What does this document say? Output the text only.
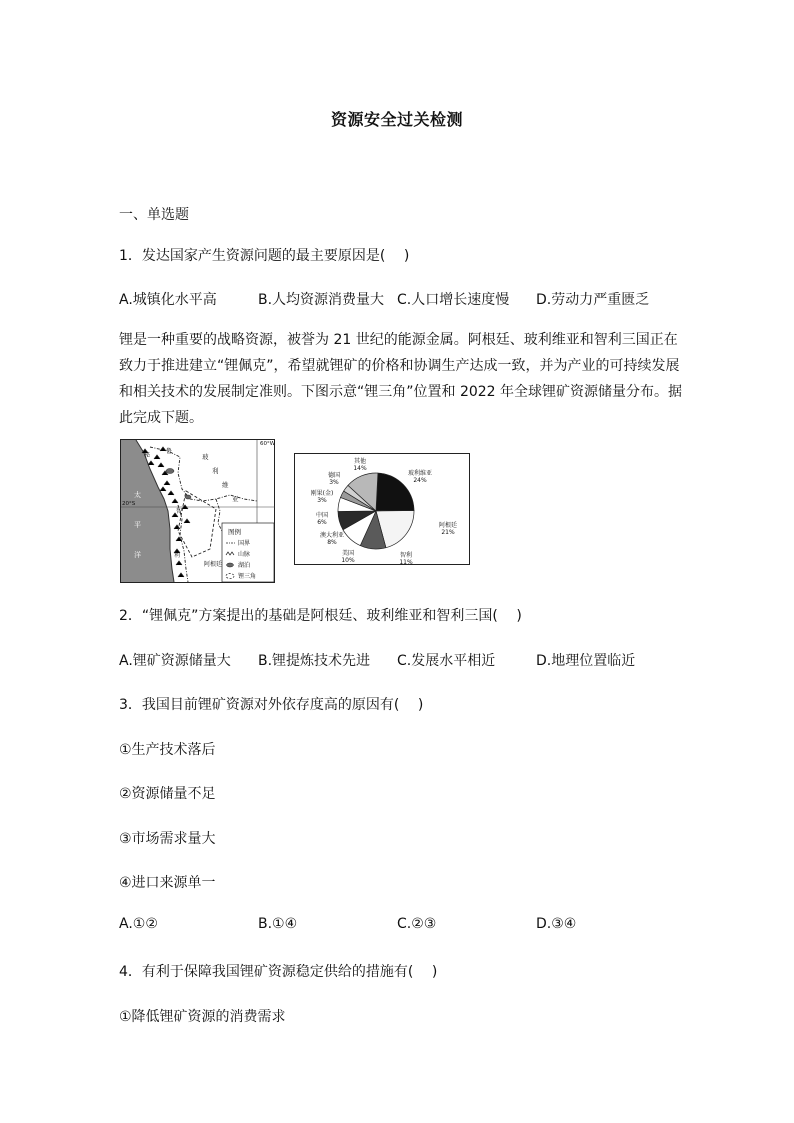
资源安全过关检测
一、单选题
1．发达国家产生资源问题的最主要原因是(　 )
A.城镇化水平高	B.人均资源消费量大 C.人口增长速度慢 D.劳动力严重匮乏
锂是一种重要的战略资源，被誉为 21 世纪的能源金属。阿根廷、玻利维亚和智利三国正在
致力于推进建立“锂佩克”，希望就锂矿的价格和协调生产达成一致，并为产业的可持续发展
和相关技术的发展制定准则。下图示意“锂三角”位置和 2022 年全球锂矿资源储量分布。据
此完成下题。
图例
国界
山脉
湖泊
锂三角
60°W
20°S
秘
鲁
玻
利
维
亚
太
平
洋
智
利
阿根廷
玻利维亚
24%
阿根廷
21%
智利
11%
美国
10%
澳大利亚
8%
中国
6%
刚果(金)
3%
德国
3%
其他
14%
2．“锂佩克”方案提出的基础是阿根廷、玻利维亚和智利三国(　 )
A.锂矿资源储量大 B.锂提炼技术先进 C.发展水平相近	D.地理位置临近
3．我国目前锂矿资源对外依存度高的原因有(　 )
①生产技术落后
②资源储量不足
③市场需求量大
④进口来源单一
A.①②	B.①④	C.②③	D.③④
4．有利于保障我国锂矿资源稳定供给的措施有(　 )
①降低锂矿资源的消费需求
